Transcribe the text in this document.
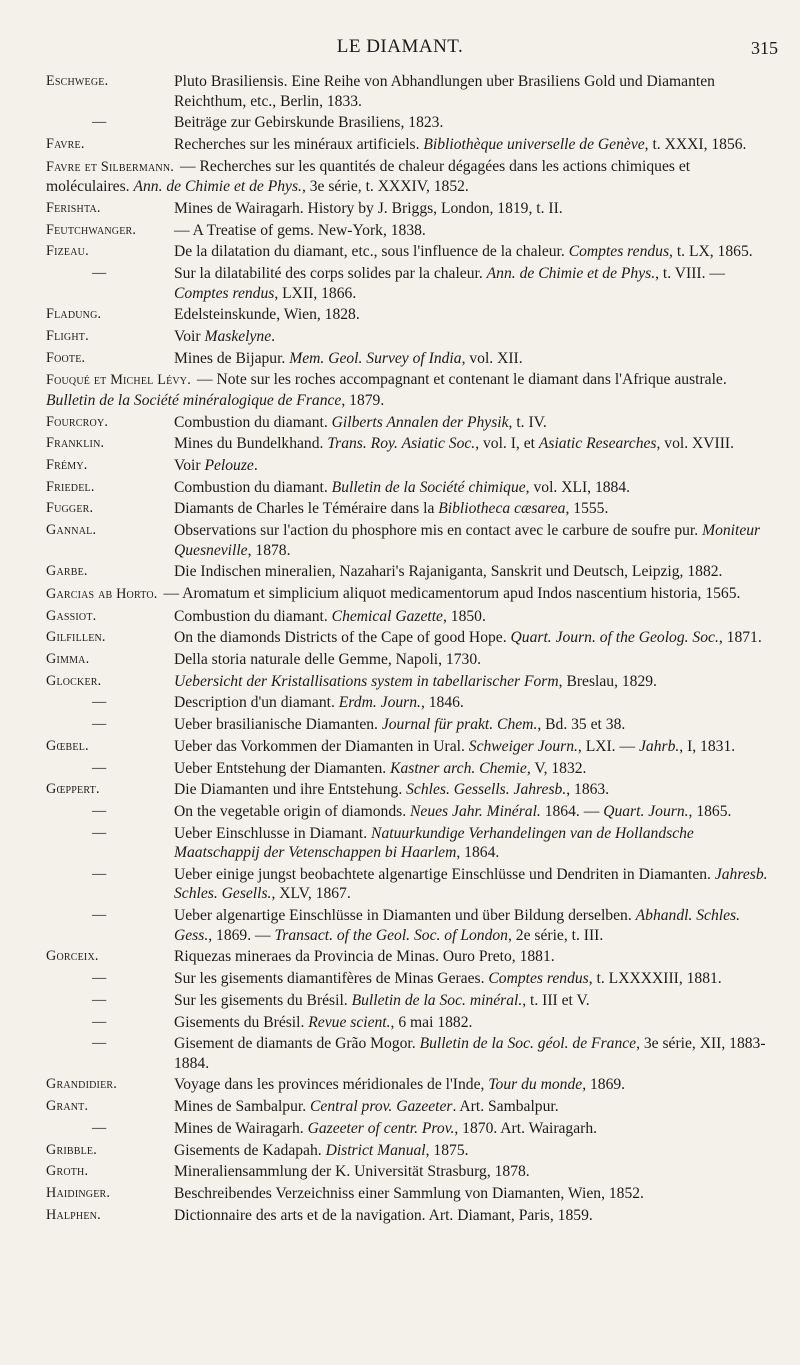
LE DIAMANT.	315
Eschwege.	Pluto Brasiliensis. Eine Reihe von Abhandlungen uber Brasiliens Gold und Diamanten Reichthum, etc., Berlin, 1833.
—	Beiträge zur Gebirskunde Brasiliens, 1823.
Favre.	Recherches sur les minéraux artificiels. Bibliothèque universelle de Genève, t. XXXI, 1856.
Favre et Silbermann. — Recherches sur les quantités de chaleur dégagées dans les actions chimiques et moléculaires. Ann. de Chimie et de Phys., 3e série, t. XXXIV, 1852.
Ferishta.	Mines de Wairagarh. History by J. Briggs, London, 1819, t. II.
Feutchwanger. — A Treatise of gems. New-York, 1838.
Fizeau.	De la dilatation du diamant, etc., sous l'influence de la chaleur. Comptes rendus, t. LX, 1865.
—	Sur la dilatabilité des corps solides par la chaleur. Ann. de Chimie et de Phys., t. VIII. — Comptes rendus, LXII, 1866.
Fladung.	Edelsteinskunde, Wien, 1828.
Flight.	Voir Maskelyne.
Foote.	Mines de Bijapur. Mem. Geol. Survey of India, vol. XII.
Fouqué et Michel Lévy. — Note sur les roches accompagnant et contenant le diamant dans l'Afrique australe. Bulletin de la Société minéralogique de France, 1879.
Fourcroy.	Combustion du diamant. Gilberts Annalen der Physik, t. IV.
Franklin.	Mines du Bundelkhand. Trans. Roy. Asiatic Soc., vol. I, et Asiatic Researches, vol. XVIII.
Frémy.	Voir Pelouze.
Friedel.	Combustion du diamant. Bulletin de la Société chimique, vol. XLI, 1884.
Fugger.	Diamants de Charles le Téméraire dans la Bibliotheca cæsarea, 1555.
Gannal.	Observations sur l'action du phosphore mis en contact avec le carbure de soufre pur. Moniteur Quesneville, 1878.
Garbe.	Die Indischen mineralien, Nazahari's Rajaniganta, Sanskrit und Deutsch, Leipzig, 1882.
Garcias ab Horto. — Aromatum et simplicium aliquot medicamentorum apud Indos nascentium historia, 1565.
Gassiot.	Combustion du diamant. Chemical Gazette, 1850.
Gilfillen.	On the diamonds Districts of the Cape of good Hope. Quart. Journ. of the Geolog. Soc., 1871.
Gimma.	Della storia naturale delle Gemme, Napoli, 1730.
Glocker.	Uebersicht der Kristallisations system in tabellarischer Form, Breslau, 1829.
—	Description d'un diamant. Erdm. Journ., 1846.
—	Ueber brasilianische Diamanten. Journal für prakt. Chem., Bd. 35 et 38.
Gœbel.	Ueber das Vorkommen der Diamanten in Ural. Schweiger Journ., LXI. — Jahrb., I, 1831.
—	Ueber Entstehung der Diamanten. Kastner arch. Chemie, V, 1832.
Gœppert.	Die Diamanten und ihre Entstehung. Schles. Gessells. Jahresb., 1863.
—	On the vegetable origin of diamonds. Neues Jahr. Minéral. 1864. — Quart. Journ., 1865.
—	Ueber Einschlusse in Diamant. Natuurkundige Verhandelingen van de Hollandsche Maatschappij der Vetenschappen bi Haarlem, 1864.
—	Ueber einige jungst beobachtete algenartige Einschlüsse und Dendriten in Diamanten. Jahresb. Schles. Gesells., XLV, 1867.
—	Ueber algenartige Einschlüsse in Diamanten und über Bildung derselben. Abhandl. Schles. Gess., 1869. — Transact. of the Geol. Soc. of London, 2e série, t. III.
Gorceix.	Riquezas mineraes da Provincia de Minas. Ouro Preto, 1881.
—	Sur les gisements diamantifères de Minas Geraes. Comptes rendus, t. LXXXXIII, 1881.
—	Sur les gisements du Brésil. Bulletin de la Soc. minéral., t. III et V.
—	Gisements du Brésil. Revue scient., 6 mai 1882.
—	Gisement de diamants de Grão Mogor. Bulletin de la Soc. géol. de France, 3e série, XII, 1883-1884.
Grandidier.	Voyage dans les provinces méridionales de l'Inde, Tour du monde, 1869.
Grant.	Mines de Sambalpur. Central prov. Gazeeter. Art. Sambalpur.
—	Mines de Wairagarh. Gazeeter of centr. Prov., 1870. Art. Wairagarh.
Gribble.	Gisements de Kadapah. District Manual, 1875.
Groth.	Mineraliensammlung der K. Universität Strasburg, 1878.
Haidinger.	Beschreibendes Verzeichniss einer Sammlung von Diamanten, Wien, 1852.
Halphen.	Dictionnaire des arts et de la navigation. Art. Diamant, Paris, 1859.
